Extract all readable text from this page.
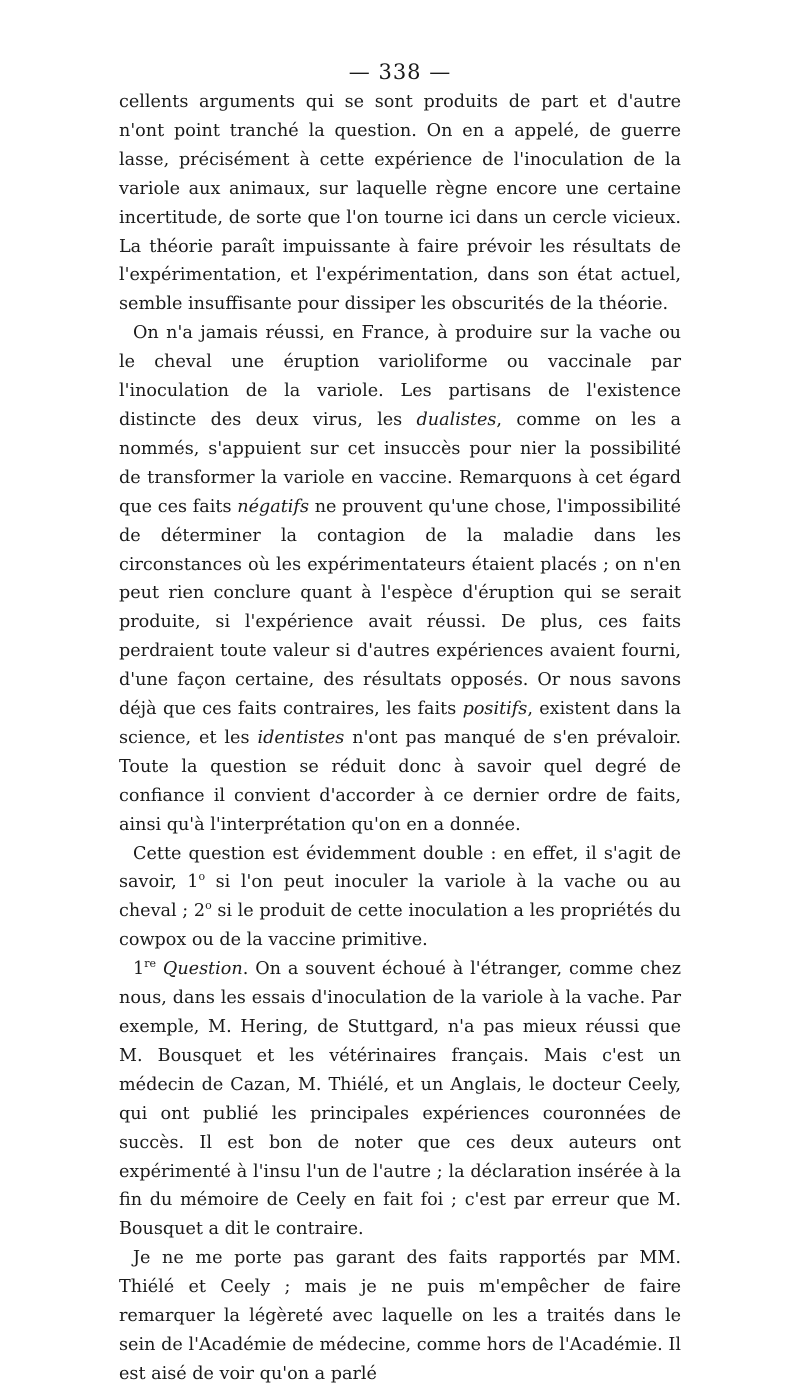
— 338 —

cellents arguments qui se sont produits de part et d'autre n'ont point tranché la question. On en a appelé, de guerre lasse, précisément à cette expérience de l'inoculation de la variole aux animaux, sur laquelle règne encore une certaine incertitude, de sorte que l'on tourne ici dans un cercle vicieux. La théorie paraît impuissante à faire prévoir les résultats de l'expérimentation, et l'expérimentation, dans son état actuel, semble insuffisante pour dissiper les obscurités de la théorie.

On n'a jamais réussi, en France, à produire sur la vache ou le cheval une éruption varioliforme ou vaccinale par l'inoculation de la variole. Les partisans de l'existence distincte des deux virus, les dualistes, comme on les a nommés, s'appuient sur cet insuccès pour nier la possibilité de transformer la variole en vaccine. Remarquons à cet égard que ces faits négatifs ne prouvent qu'une chose, l'impossibilité de déterminer la contagion de la maladie dans les circonstances où les expérimentateurs étaient placés ; on n'en peut rien conclure quant à l'espèce d'éruption qui se serait produite, si l'expérience avait réussi. De plus, ces faits perdraient toute valeur si d'autres expériences avaient fourni, d'une façon certaine, des résultats opposés. Or nous savons déjà que ces faits contraires, les faits positifs, existent dans la science, et les identistes n'ont pas manqué de s'en prévaloir. Toute la question se réduit donc à savoir quel degré de confiance il convient d'accorder à ce dernier ordre de faits, ainsi qu'à l'interprétation qu'on en a donnée.

Cette question est évidemment double : en effet, il s'agit de savoir, 1$^o$ si l'on peut inoculer la variole à la vache ou au cheval ; 2$^o$ si le produit de cette inoculation a les propriétés du cowpox ou de la vaccine primitive.

1re Question. On a souvent échoué à l'étranger, comme chez nous, dans les essais d'inoculation de la variole à la vache. Par exemple, M. Hering, de Stuttgard, n'a pas mieux réussi que M. Bousquet et les vétérinaires français. Mais c'est un médecin de Cazan, M. Thiélé, et un Anglais, le docteur Ceely, qui ont publié les principales expériences couronnées de succès. Il est bon de noter que ces deux auteurs ont expérimenté à l'insu l'un de l'autre ; la déclaration insérée à la fin du mémoire de Ceely en fait foi ; c'est par erreur que M. Bousquet a dit le contraire.

Je ne me porte pas garant des faits rapportés par MM. Thiélé et Ceely ; mais je ne puis m'empêcher de faire remarquer la légèreté avec laquelle on les a traités dans le sein de l'Académie de médecine, comme hors de l'Académie. Il est aisé de voir qu'on a parlé
